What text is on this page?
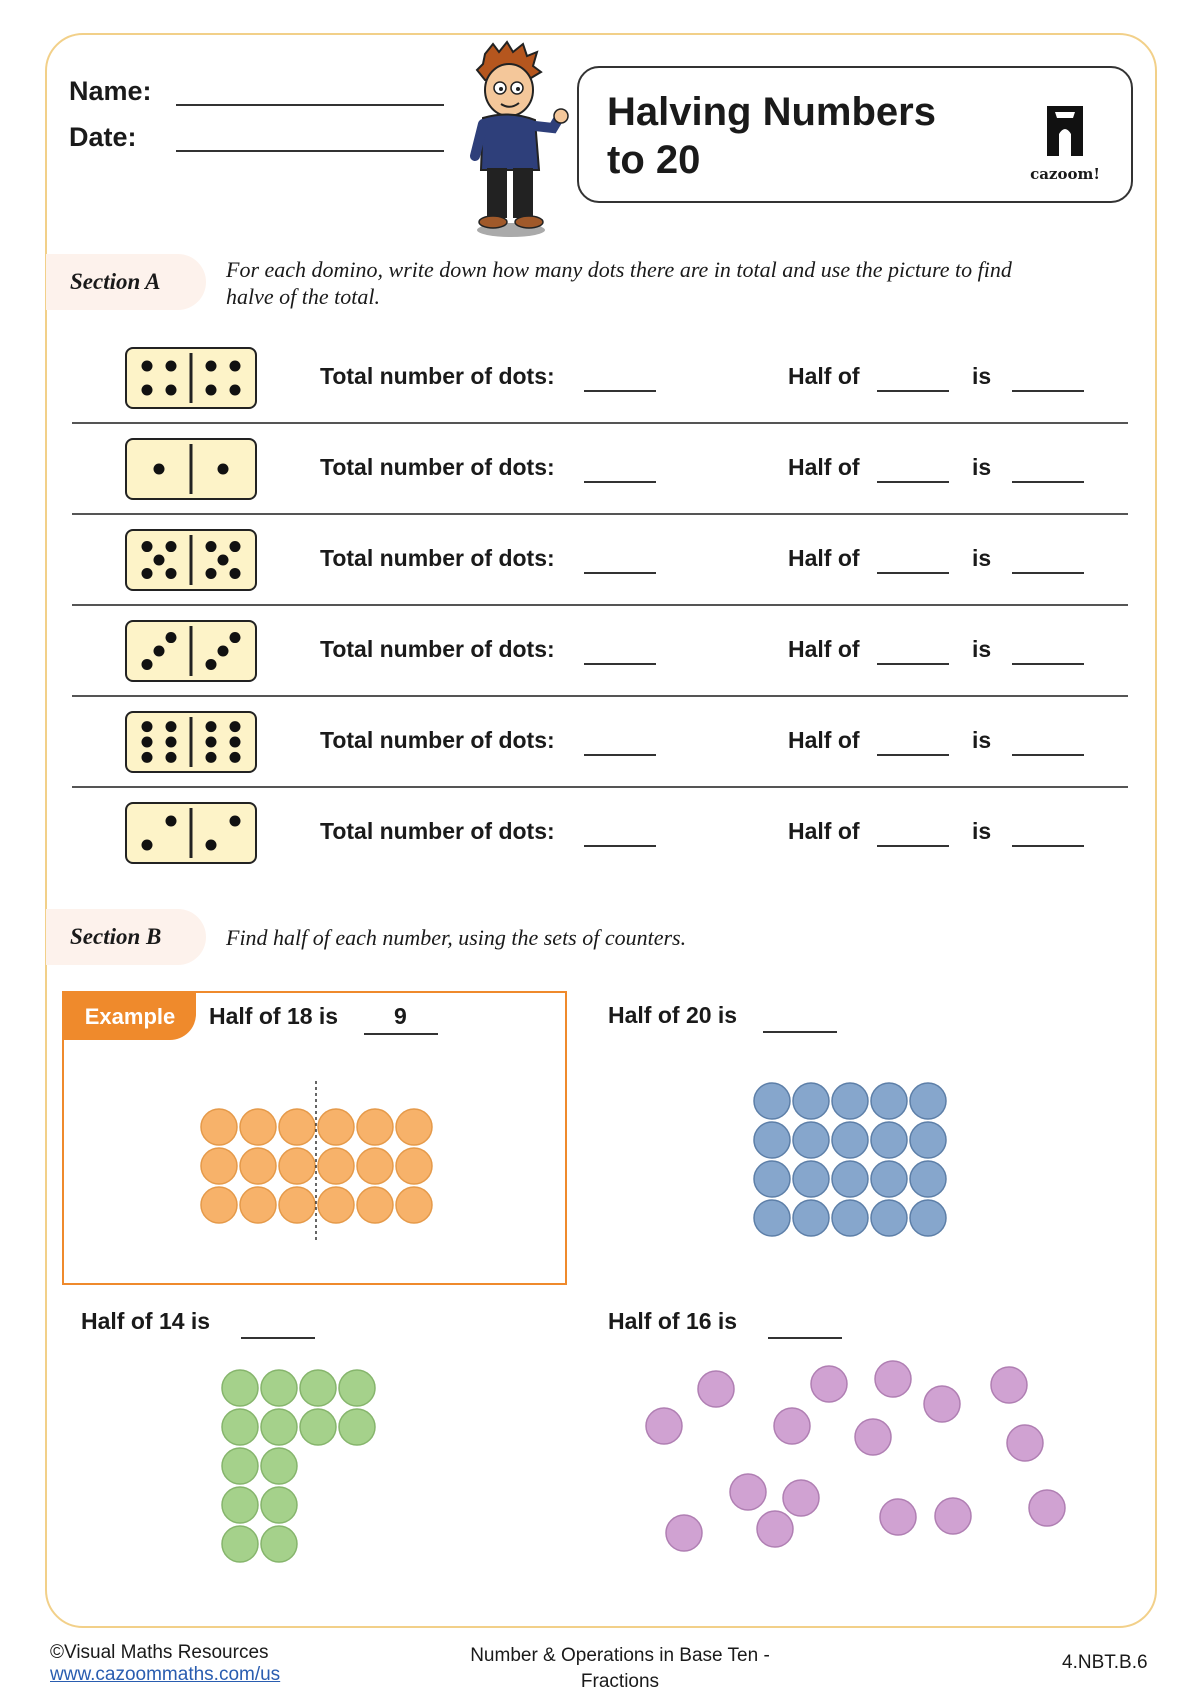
Name:
Date:
Halving Numbers
to 20	cazoom!
Section A	For each domino, write down how many dots there are in total and use the picture to find
halve of the total.
Total number of dots:	Half of	is
Total number of dots:	Half of	is
Total number of dots:	Half of	is
Total number of dots:	Half of	is
Total number of dots:	Half of	is
Total number of dots:	Half of	is
Section B	Find half of each number, using the sets of counters.
Example	Half of 18 is 9	Half of 20 is
Half of 14 is	Half of 16 is
©Visual Maths Resources
www.cazoommaths.com/us
Number & Operations in Base Ten -
Fractions
4.NBT.B.6
